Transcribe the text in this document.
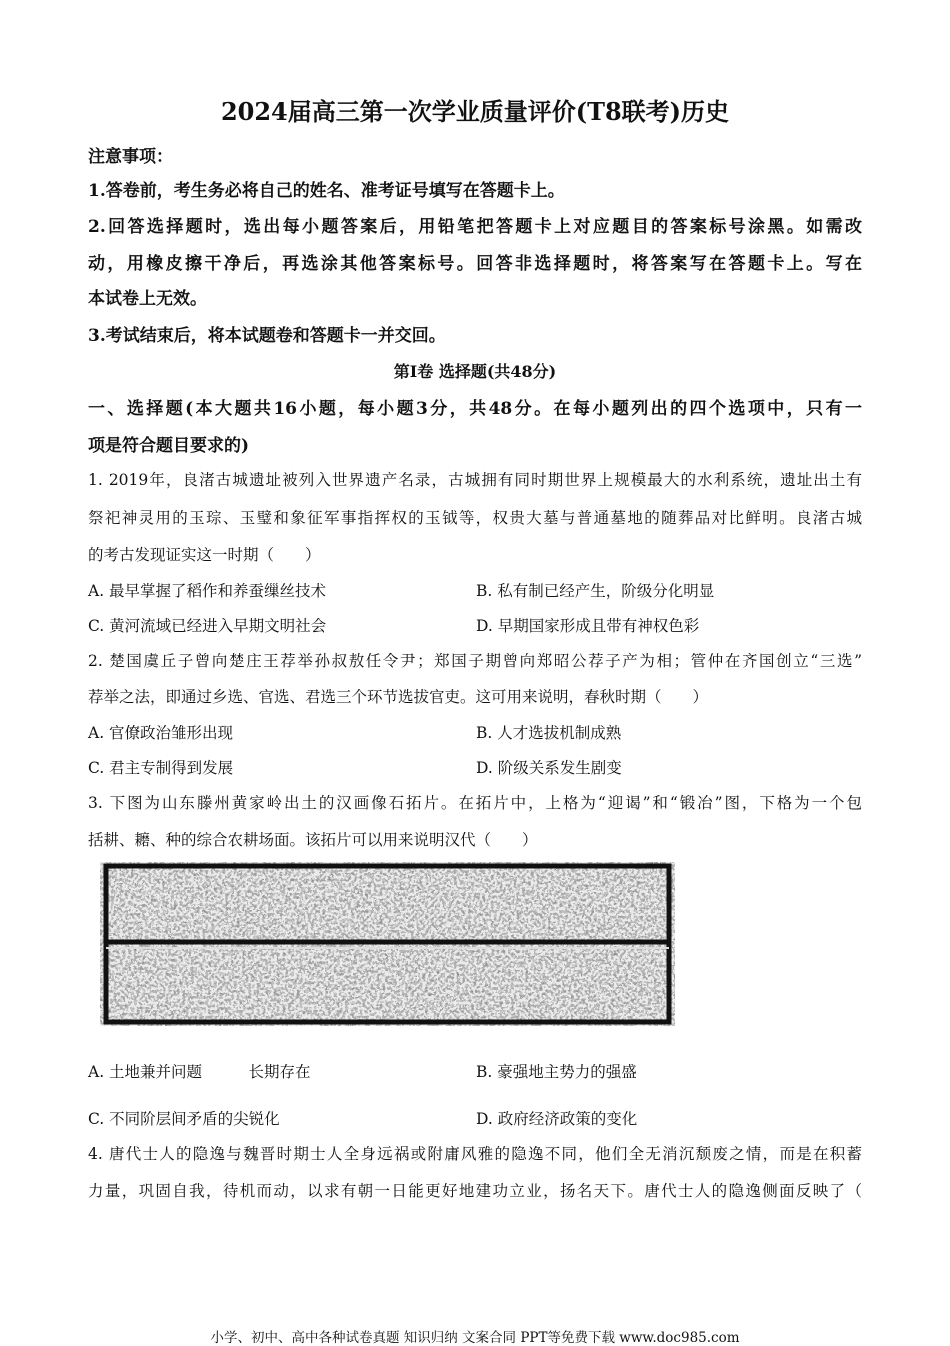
2024届高三第一次学业质量评价(T8联考)历史
注意事项：
1.答卷前，考生务必将自己的姓名、准考证号填写在答题卡上。
2.回答选择题时，选出每小题答案后，用铅笔把答题卡上对应题目的答案标号涂黑。如需改
动，用橡皮擦干净后，再选涂其他答案标号。回答非选择题时，将答案写在答题卡上。写在
本试卷上无效。
3.考试结束后，将本试题卷和答题卡一并交回。
第Ⅰ卷 选择题(共48分)
一、选择题(本大题共16小题，每小题3分，共48分。在每小题列出的四个选项中，只有一
项是符合题目要求的)
1. 2019年，良渚古城遗址被列入世界遗产名录，古城拥有同时期世界上规模最大的水利系统，遗址出土有
祭祀神灵用的玉琮、玉璧和象征军事指挥权的玉钺等，权贵大墓与普通墓地的随葬品对比鲜明。良渚古城
的考古发现证实这一时期（　　）
A. 最早掌握了稻作和养蚕缫丝技术	B. 私有制已经产生，阶级分化明显
C. 黄河流域已经进入早期文明社会	D. 早期国家形成且带有神权色彩
2. 楚国虞丘子曾向楚庄王荐举孙叔敖任令尹；郑国子期曾向郑昭公荐子产为相；管仲在齐国创立“三选”
荐举之法，即通过乡选、官选、君选三个环节选拔官吏。这可用来说明，春秋时期（　　）
A. 官僚政治雏形出现	B. 人才选拔机制成熟
C. 君主专制得到发展	D. 阶级关系发生剧变
3. 下图为山东滕州黄家岭出土的汉画像石拓片。在拓片中，上格为“迎谒”和“锻冶”图，下格为一个包
括耕、耱、种的综合农耕场面。该拓片可以用来说明汉代（　　）
A. 土地兼并问题　　　长期存在	B. 豪强地主势力的强盛
C. 不同阶层间矛盾的尖锐化	D. 政府经济政策的变化
4. 唐代士人的隐逸与魏晋时期士人全身远祸或附庸风雅的隐逸不同，他们全无消沉颓废之情，而是在积蓄
力量，巩固自我，待机而动，以求有朝一日能更好地建功立业，扬名天下。唐代士人的隐逸侧面反映了（
小学、初中、高中各种试卷真题 知识归纳 文案合同 PPT等免费下载 www.doc985.com
